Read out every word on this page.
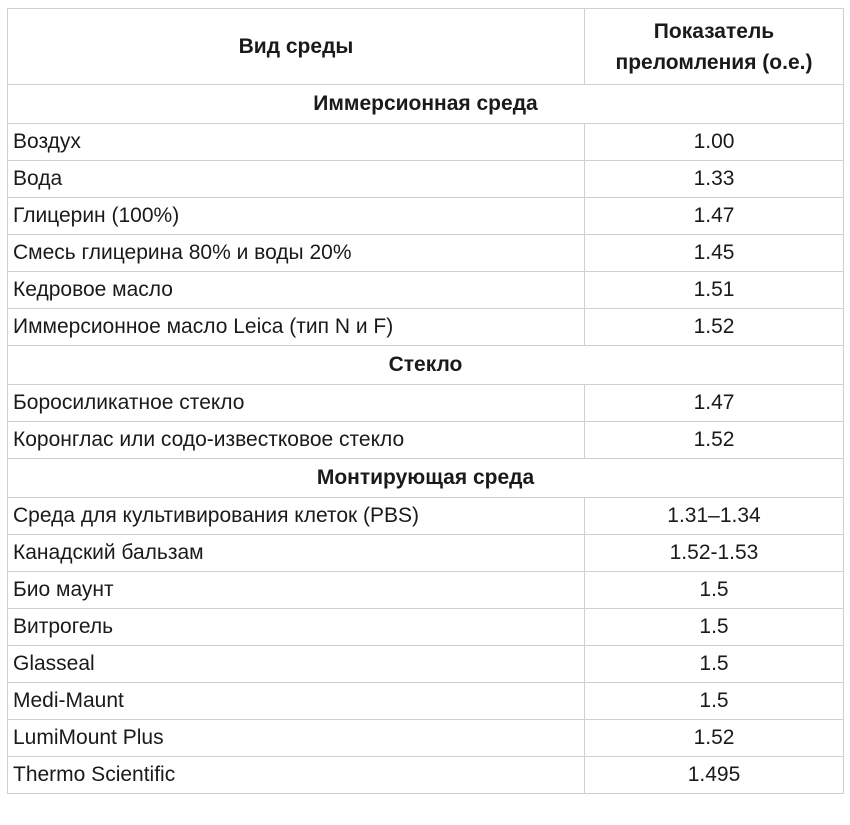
Вид среды	Показатель преломления (о.е.)
Иммерсионная среда	
Воздух	1.00
Вода	1.33
Глицерин (100%)	1.47
Смесь глицерина 80% и воды 20%	1.45
Кедровое масло	1.51
Иммерсионное масло Leica (тип N и F)	1.52
Стекло	
Боросиликатное стекло	1.47
Коронглас или содо-известковое стекло	1.52
Монтирующая среда	
Среда для культивирования клеток (PBS)	1.31–1.34
Канадский бальзам	1.52-1.53
Био маунт	1.5
Витрогель	1.5
Glasseal	1.5
Medi-Maunt	1.5
LumiMount Plus	1.52
Thermo Scientific	1.495
